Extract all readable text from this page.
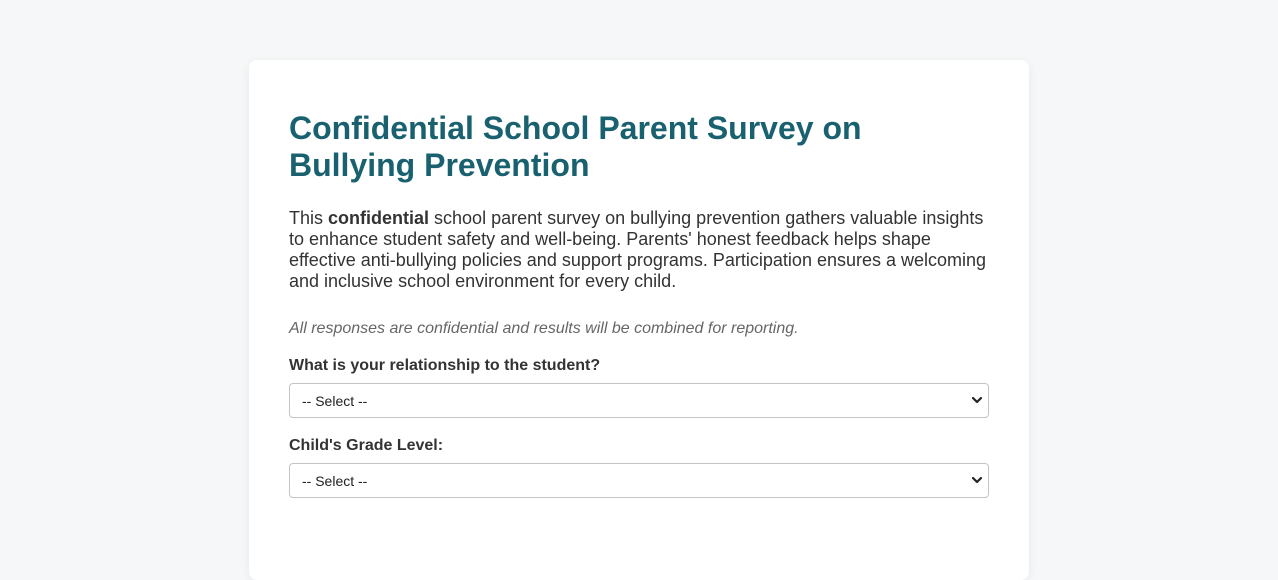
Confidential School Parent Survey on Bullying Prevention

This confidential school parent survey on bullying prevention gathers valuable insights to enhance student safety and well-being. Parents' honest feedback helps shape effective anti-bullying policies and support programs. Participation ensures a welcoming and inclusive school environment for every child.

All responses are confidential and results will be combined for reporting.

What is your relationship to the student?
-- Select --
Child's Grade Level:
-- Select --
